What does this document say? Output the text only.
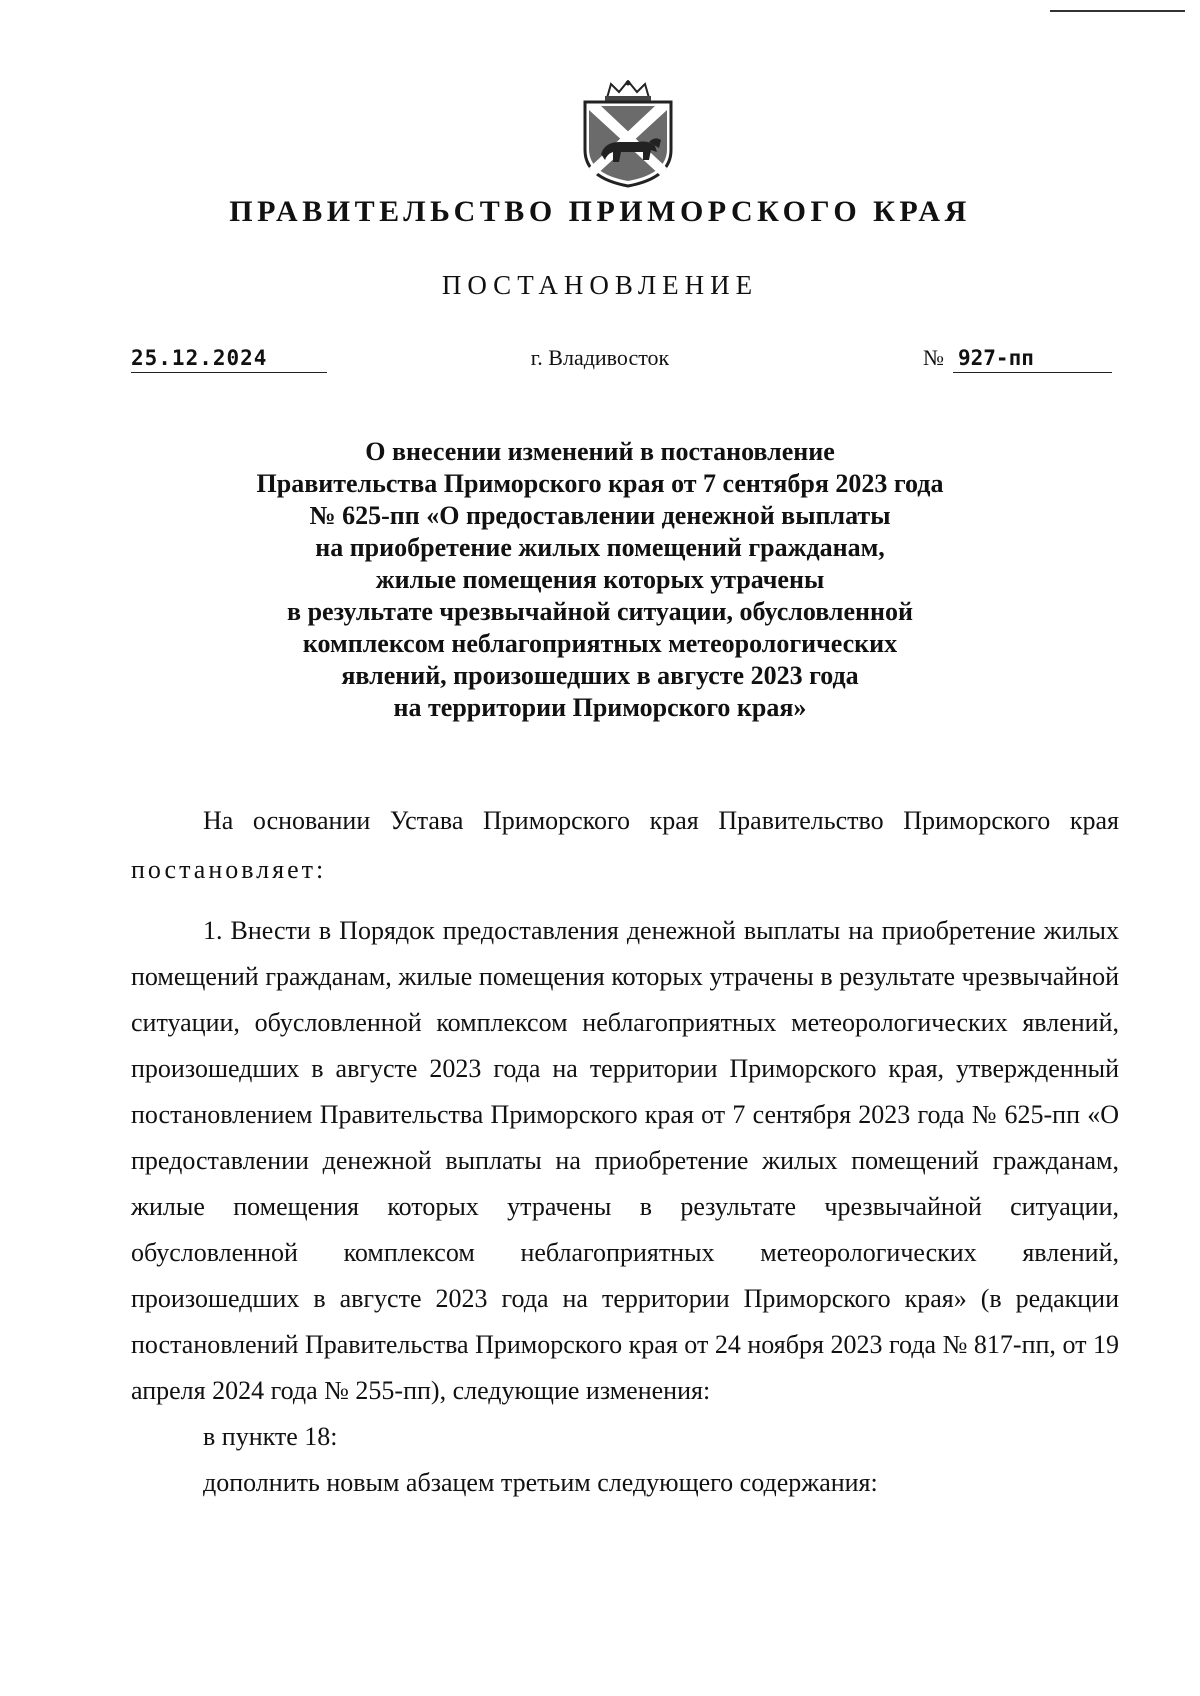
ПРАВИТЕЛЬСТВО ПРИМОРСКОГО КРАЯ
ПОСТАНОВЛЕНИЕ
25.12.2024	г. Владивосток	№ 927-пп
О внесении изменений в постановление
Правительства Приморского края от 7 сентября 2023 года
№ 625-пп «О предоставлении денежной выплаты
на приобретение жилых помещений гражданам,
жилые помещения которых утрачены
в результате чрезвычайной ситуации, обусловленной
комплексом неблагоприятных метеорологических
явлений, произошедших в августе 2023 года
на территории Приморского края»

На основании Устава Приморского края Правительство Приморского края постановляет:

1. Внести в Порядок предоставления денежной выплаты на приобретение жилых помещений гражданам, жилые помещения которых утрачены в результате чрезвычайной ситуации, обусловленной комплексом неблагоприятных метеорологических явлений, произошедших в августе 2023 года на территории Приморского края, утвержденный постановлением Правительства Приморского края от 7 сентября 2023 года № 625-пп «О предоставлении денежной выплаты на приобретение жилых помещений гражданам, жилые помещения которых утрачены в результате чрезвычайной ситуации, обусловленной комплексом неблагоприятных метеорологических явлений, произошедших в августе 2023 года на территории Приморского края» (в редакции постановлений Правительства Приморского края от 24 ноября 2023 года № 817-пп, от 19 апреля 2024 года № 255-пп), следующие изменения:

в пункте 18:

дополнить новым абзацем третьим следующего содержания:
